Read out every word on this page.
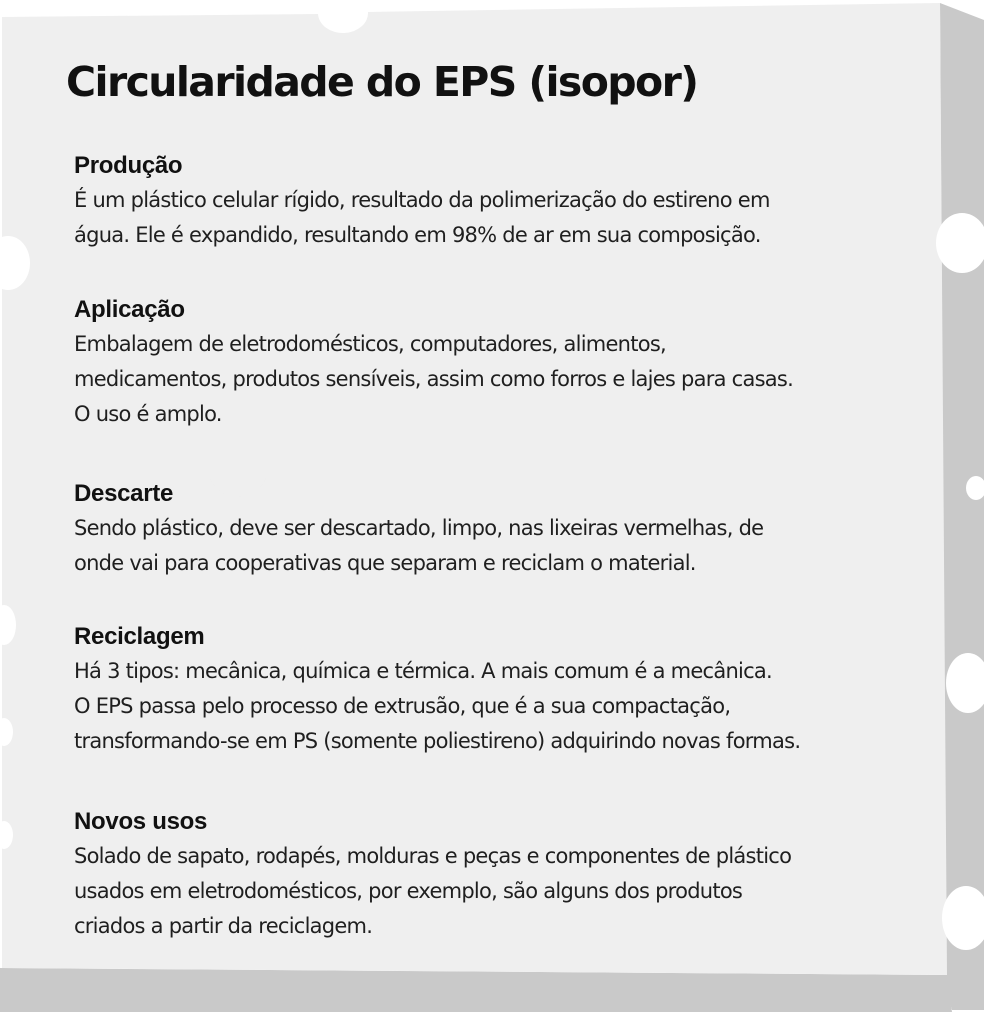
Circularidade do EPS (isopor)
Produção

É um plástico celular rígido, resultado da polimerização do estireno em
água. Ele é expandido, resultando em 98% de ar em sua composição.

Aplicação

Embalagem de eletrodomésticos, computadores, alimentos,
medicamentos, produtos sensíveis, assim como forros e lajes para casas.
O uso é amplo.

Descarte

Sendo plástico, deve ser descartado, limpo, nas lixeiras vermelhas, de
onde vai para cooperativas que separam e reciclam o material.

Reciclagem

Há 3 tipos: mecânica, química e térmica. A mais comum é a mecânica.
O EPS passa pelo processo de extrusão, que é a sua compactação,
transformando-se em PS (somente poliestireno) adquirindo novas formas.

Novos usos

Solado de sapato, rodapés, molduras e peças e componentes de plástico
usados em eletrodomésticos, por exemplo, são alguns dos produtos
criados a partir da reciclagem.
